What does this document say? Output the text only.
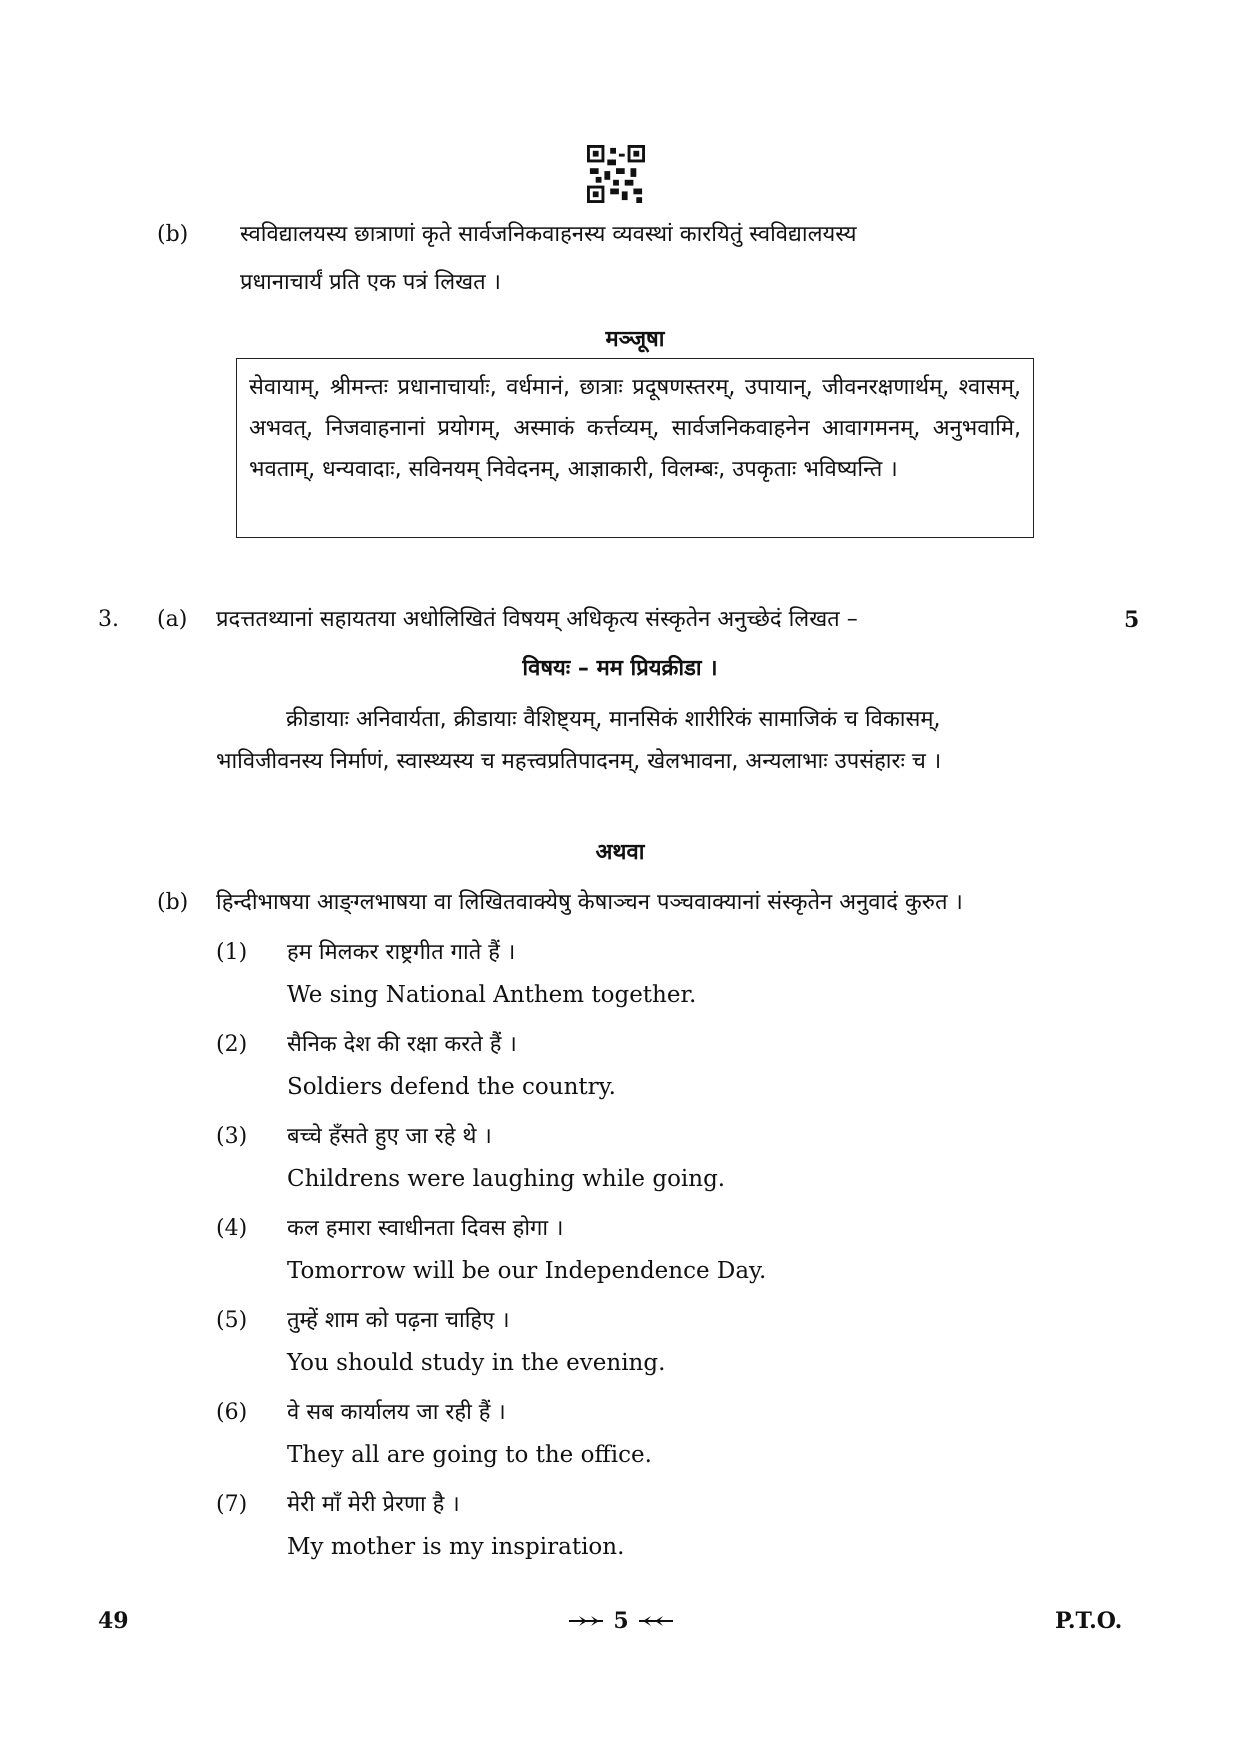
(b) स्वविद्यालयस्य छात्राणां कृते सार्वजनिकवाहनस्य व्यवस्थां कारयितुं स्वविद्यालयस्य
प्रधानाचार्यं प्रति एक पत्रं लिखत ।
मञ्जूषा
सेवायाम्, श्रीमन्तः प्रधानाचार्याः, वर्धमानं, छात्राः प्रदूषणस्तरम्, उपायान्, जीवनरक्षणार्थम्, श्वासम्, अभवत्, निजवाहनानां प्रयोगम्, अस्माकं कर्त्तव्यम्, सार्वजनिकवाहनेन आवागमनम्, अनुभवामि, भवताम्, धन्यवादाः, सविनयम् निवेदनम्, आज्ञाकारी, विलम्बः, उपकृताः भविष्यन्ति ।
3. (a) प्रदत्ततथ्यानां सहायतया अधोलिखितं विषयम् अधिकृत्य संस्कृतेन अनुच्छेदं लिखत –	5
विषयः – मम प्रियक्रीडा ।
क्रीडायाः अनिवार्यता, क्रीडायाः वैशिष्ट्यम्, मानसिकं शारीरिकं सामाजिकं च विकासम्,
भाविजीवनस्य निर्माणं, स्वास्थ्यस्य च महत्त्वप्रतिपादनम्, खेलभावना, अन्यलाभाः उपसंहारः च ।
अथवा
(b) हिन्दीभाषया आङ्ग्लभाषया वा लिखितवाक्येषु केषाञ्चन पञ्चवाक्यानां संस्कृतेन अनुवादं कुरुत ।
(1) हम मिलकर राष्ट्रगीत गाते हैं ।
We sing National Anthem together.
(2) सैनिक देश की रक्षा करते हैं ।
Soldiers defend the country.
(3) बच्चे हँसते हुए जा रहे थे ।
Childrens were laughing while going.
(4) कल हमारा स्वाधीनता दिवस होगा ।
Tomorrow will be our Independence Day.
(5) तुम्हें शाम को पढ़ना चाहिए ।
You should study in the evening.
(6) वे सब कार्यालय जा रही हैं ।
They all are going to the office.
(7) मेरी माँ मेरी प्रेरणा है ।
My mother is my inspiration.
49	5	P.T.O.
